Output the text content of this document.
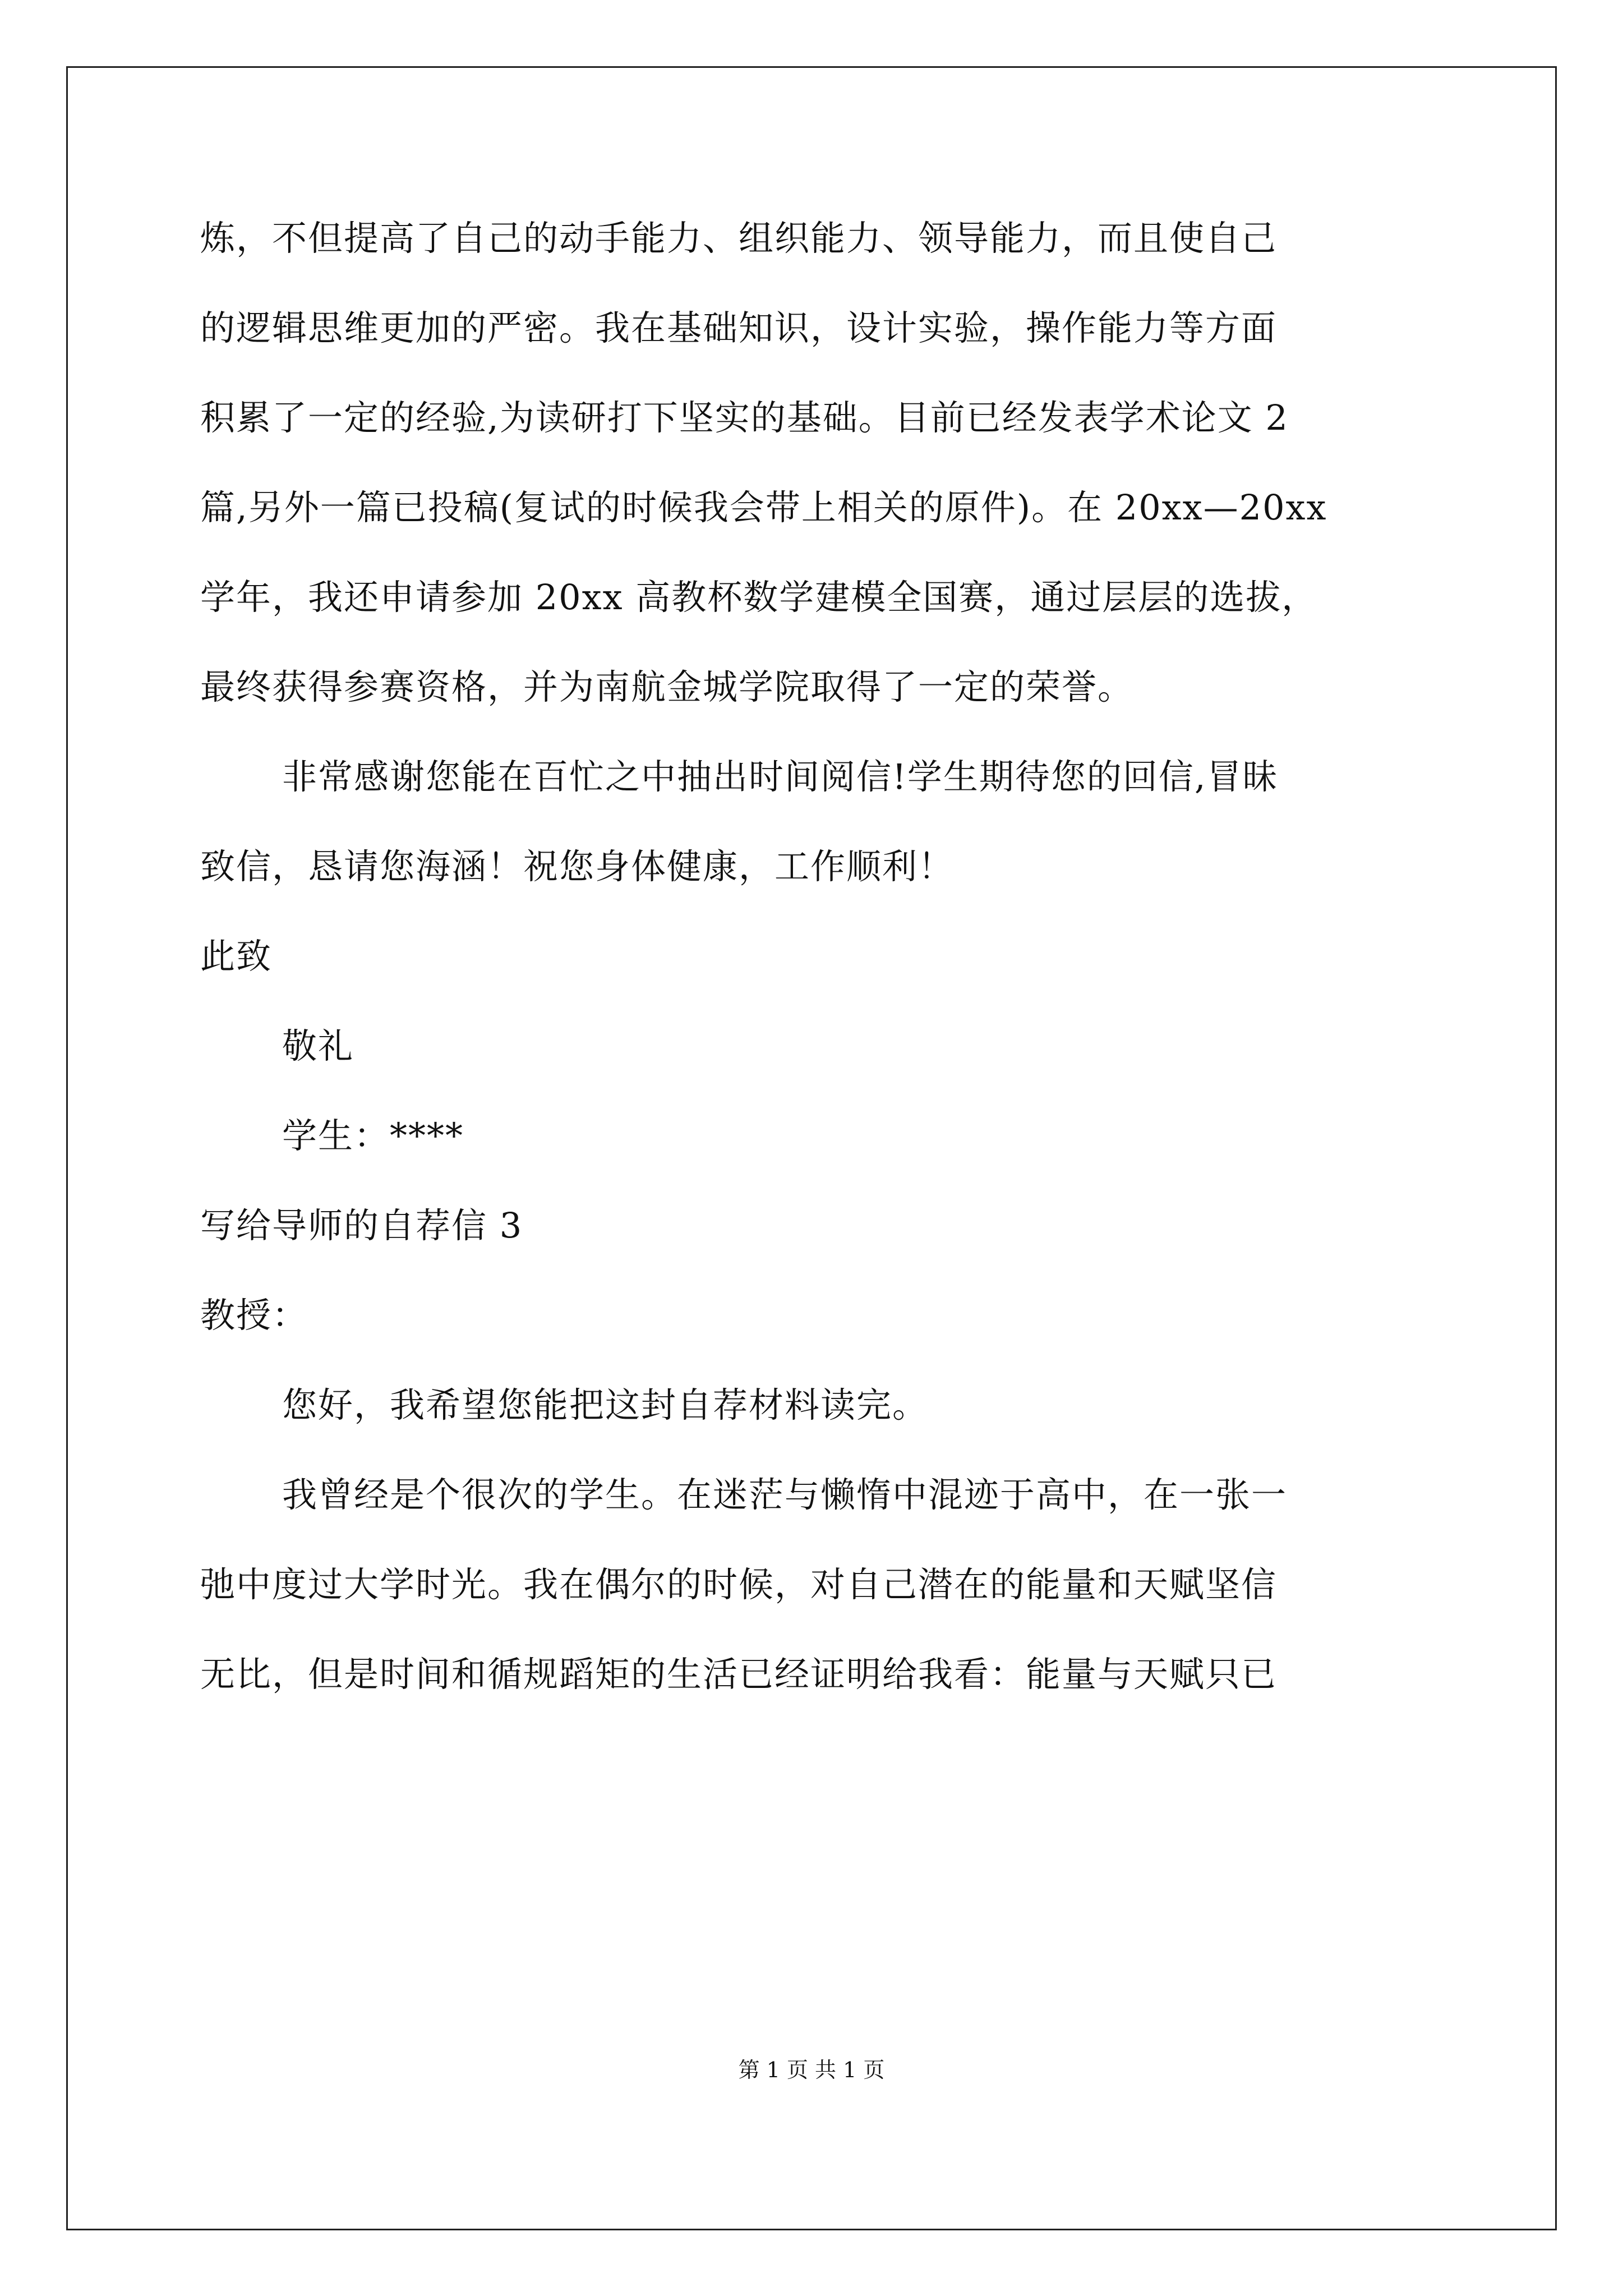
炼，不但提高了自己的动手能力、组织能力、领导能力，而且使自己
的逻辑思维更加的严密。我在基础知识，设计实验，操作能力等方面
积累了一定的经验,为读研打下坚实的基础。目前已经发表学术论文 2
篇,另外一篇已投稿(复试的时候我会带上相关的原件)。在 20xx—20xx
学年，我还申请参加 20xx 高教杯数学建模全国赛，通过层层的选拔，
最终获得参赛资格，并为南航金城学院取得了一定的荣誉。
非常感谢您能在百忙之中抽出时间阅信!学生期待您的回信,冒昧
致信，恳请您海涵！祝您身体健康，工作顺利！
此致
敬礼
学生：****
写给导师的自荐信 3
教授：
您好，我希望您能把这封自荐材料读完。
我曾经是个很次的学生。在迷茫与懒惰中混迹于高中，在一张一
弛中度过大学时光。我在偶尔的时候，对自己潜在的能量和天赋坚信
无比，但是时间和循规蹈矩的生活已经证明给我看：能量与天赋只已
第 1 页 共 1 页
